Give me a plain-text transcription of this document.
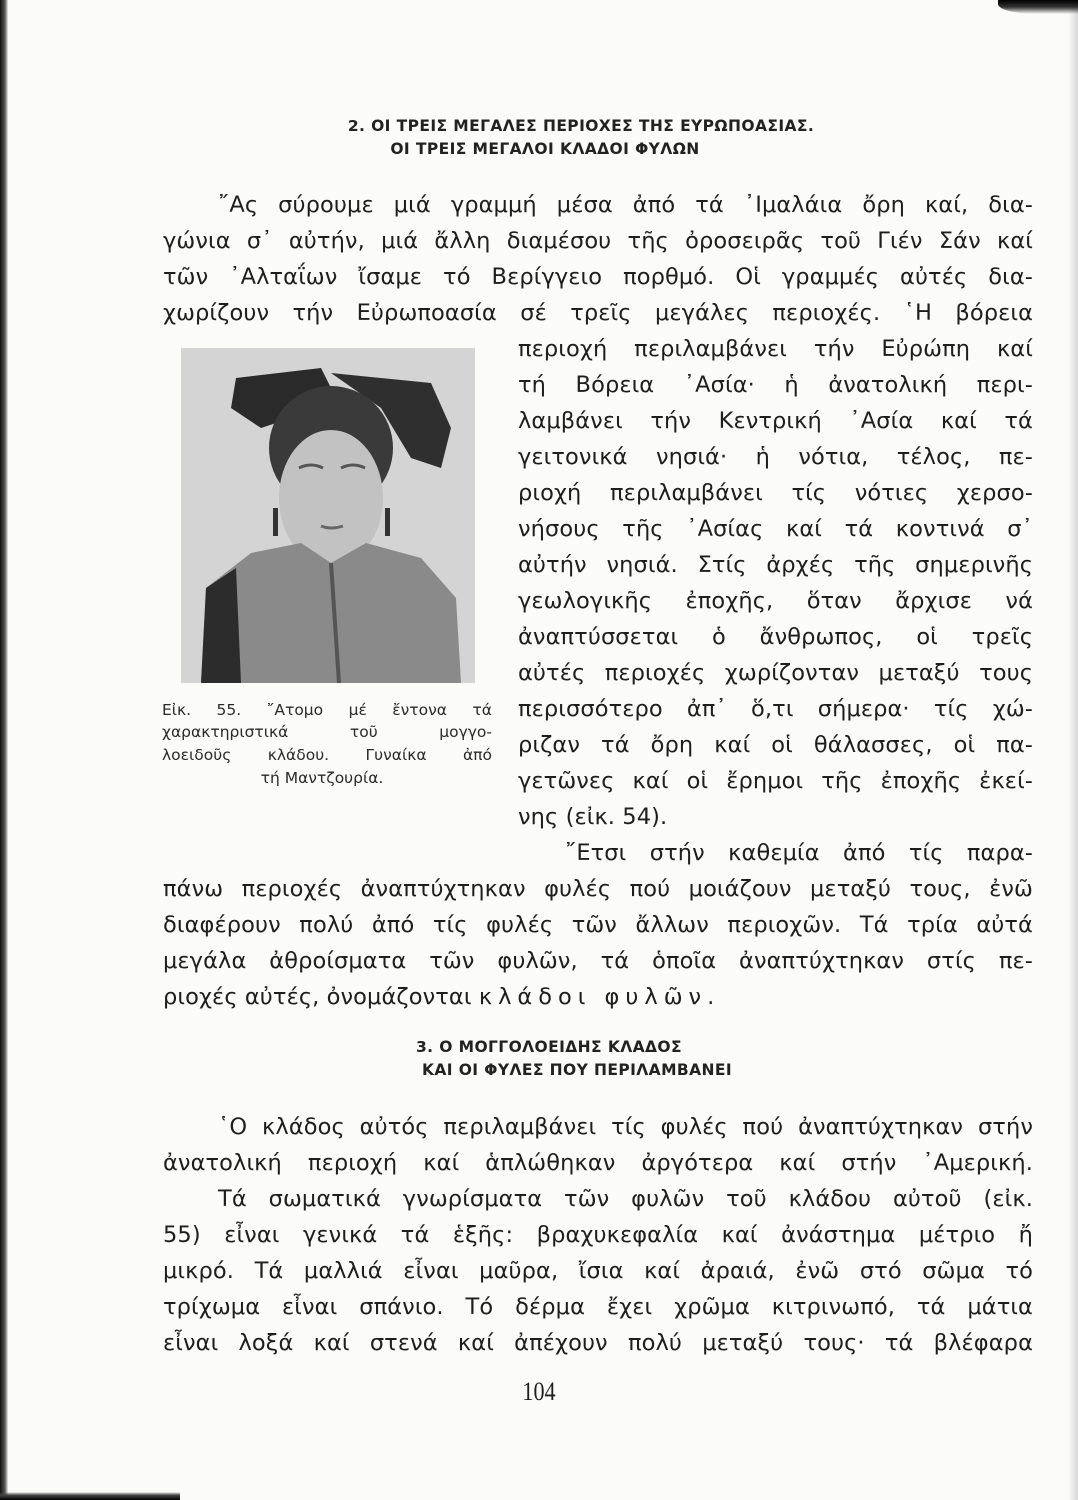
2. ΟΙ ΤΡΕΙΣ ΜΕΓΑΛΕΣ ΠΕΡΙΟΧΕΣ ΤΗΣ ΕΥΡΩΠΟΑΣΙΑΣ.
ΟΙ ΤΡΕΙΣ ΜΕΓΑΛΟΙ ΚΛΑΔΟΙ ΦΥΛΩΝ
῎Ας σύρουμε μιά γραμμή μέσα ἀπό τά ᾿Ιμαλάια ὄρη καί, δια-
γώνια σ᾿ αὐτήν, μιά ἄλλη διαμέσου τῆς ὀροσειρᾶς τοῦ Γιέν Σάν καί
τῶν ᾿Αλταΐων ἴσαμε τό Βερίγγειο πορθμό. Οἱ γραμμές αὐτές δια-
χωρίζουν τήν Εὐρωποασία σέ τρεῖς μεγάλες περιοχές. ῾Η βόρεια
Εἰκ. 55. ῎Ατομο μέ ἔντονα τά
χαρακτηριστικά τοῦ μογγο-
λοειδοῦς κλάδου. Γυναίκα ἀπό
τή Μαντζουρία.
περιοχή περιλαμβάνει τήν Εὐρώπη καί
τή Βόρεια ᾿Ασία· ἡ ἀνατολική περι-
λαμβάνει τήν Κεντρική ᾿Ασία καί τά
γειτονικά νησιά· ἡ νότια, τέλος, πε-
ριοχή περιλαμβάνει τίς νότιες χερσο-
νήσους τῆς ᾿Ασίας καί τά κοντινά σ᾿
αὐτήν νησιά. Στίς ἀρχές τῆς σημερινῆς
γεωλογικῆς ἐποχῆς, ὅταν ἄρχισε νά
ἀναπτύσσεται ὁ ἄνθρωπος, οἱ τρεῖς
αὐτές περιοχές χωρίζονταν μεταξύ τους
περισσότερο ἀπ᾿ ὅ,τι σήμερα· τίς χώ-
ριζαν τά ὄρη καί οἱ θάλασσες, οἱ πα-
γετῶνες καί οἱ ἔρημοι τῆς ἐποχῆς ἐκεί-
νης (εἰκ. 54).
῎Ετσι στήν καθεμία ἀπό τίς παρα-
πάνω περιοχές ἀναπτύχτηκαν φυλές πού μοιάζουν μεταξύ τους, ἐνῶ
διαφέρουν πολύ ἀπό τίς φυλές τῶν ἄλλων περιοχῶν. Τά τρία αὐτά
μεγάλα ἀθροίσματα τῶν φυλῶν, τά ὁποῖα ἀναπτύχτηκαν στίς πε-
ριοχές αὐτές, ὀνομάζονται κλάδοι φυλῶν.
3. Ο ΜΟΓΓΟΛΟΕΙΔΗΣ ΚΛΑΔΟΣ
ΚΑΙ ΟΙ ΦΥΛΕΣ ΠΟΥ ΠΕΡΙΛΑΜΒΑΝΕΙ
῾Ο κλάδος αὐτός περιλαμβάνει τίς φυλές πού ἀναπτύχτηκαν στήν
ἀνατολική περιοχή καί ἁπλώθηκαν ἀργότερα καί στήν ᾿Αμερική.
Τά σωματικά γνωρίσματα τῶν φυλῶν τοῦ κλάδου αὐτοῦ (εἰκ.
55) εἶναι γενικά τά ἑξῆς: βραχυκεφαλία καί ἀνάστημα μέτριο ἤ
μικρό. Τά μαλλιά εἶναι μαῦρα, ἴσια καί ἀραιά, ἐνῶ στό σῶμα τό
τρίχωμα εἶναι σπάνιο. Τό δέρμα ἔχει χρῶμα κιτρινωπό, τά μάτια
εἶναι λοξά καί στενά καί ἀπέχουν πολύ μεταξύ τους· τά βλέφαρα
104
